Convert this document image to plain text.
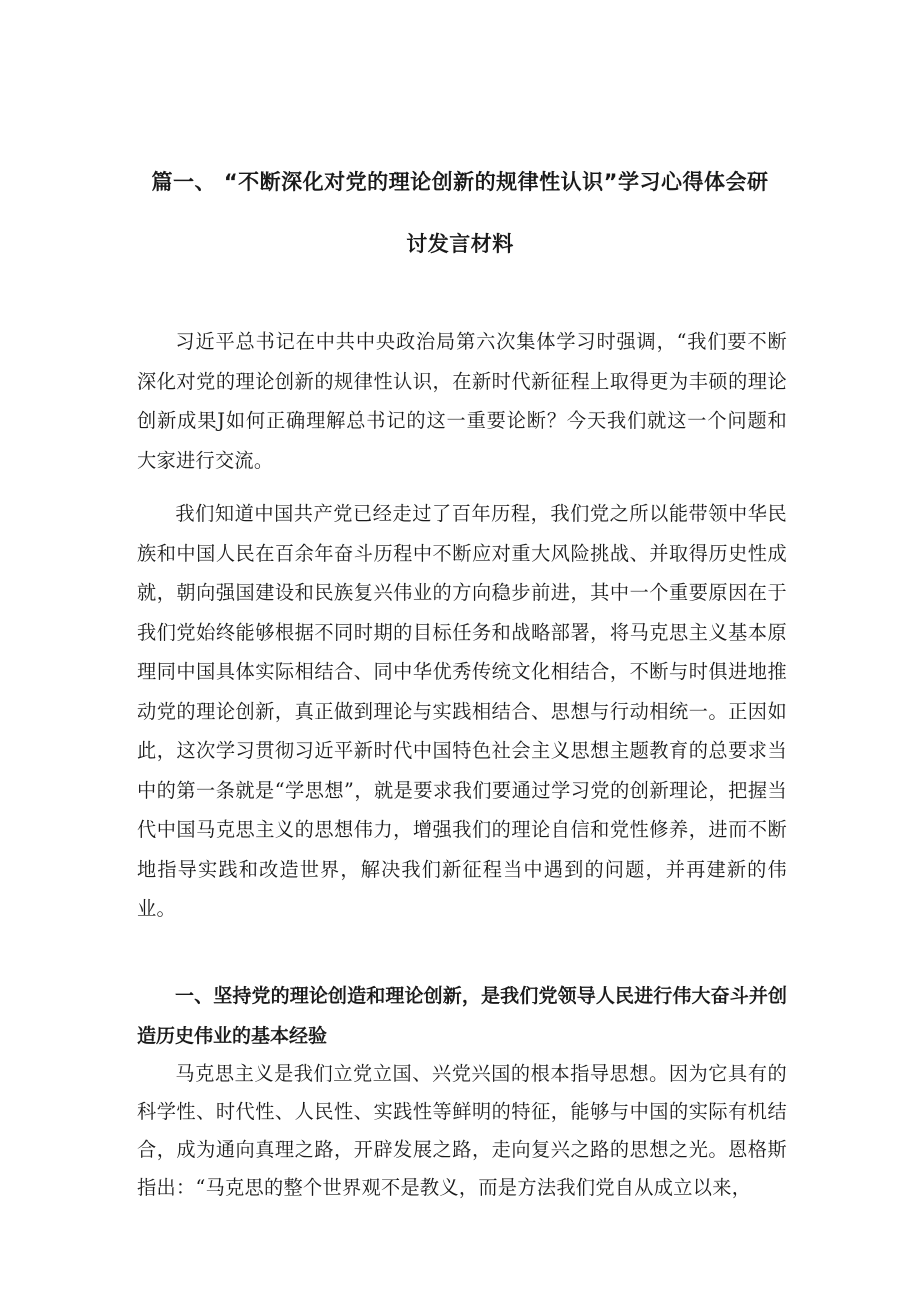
篇一、 “不断深化对党的理论创新的规律性认识”学习心得体会研
讨发言材料
习近平总书记在中共中央政治局第六次集体学习时强调，“我们要不断深化对党的理论创新的规律性认识，在新时代新征程上取得更为丰硕的理论创新成果J如何正确理解总书记的这一重要论断？今天我们就这一个问题和大家进行交流。
我们知道中国共产党已经走过了百年历程，我们党之所以能带领中华民族和中国人民在百余年奋斗历程中不断应对重大风险挑战、并取得历史性成就，朝向强国建设和民族复兴伟业的方向稳步前进，其中一个重要原因在于我们党始终能够根据不同时期的目标任务和战略部署，将马克思主义基本原理同中国具体实际相结合、同中华优秀传统文化相结合，不断与时俱进地推动党的理论创新，真正做到理论与实践相结合、思想与行动相统一。正因如此，这次学习贯彻习近平新时代中国特色社会主义思想主题教育的总要求当中的第一条就是“学思想”，就是要求我们要通过学习党的创新理论，把握当代中国马克思主义的思想伟力，增强我们的理论自信和党性修养，进而不断地指导实践和改造世界，解决我们新征程当中遇到的问题，并再建新的伟业。
一、坚持党的理论创造和理论创新，是我们党领导人民进行伟大奋斗并创造历史伟业的基本经验
马克思主义是我们立党立国、兴党兴国的根本指导思想。因为它具有的科学性、时代性、人民性、实践性等鲜明的特征，能够与中国的实际有机结合，成为通向真理之路，开辟发展之路，走向复兴之路的思想之光。恩格斯指出：“马克思的整个世界观不是教义，而是方法我们党自从成立以来，
